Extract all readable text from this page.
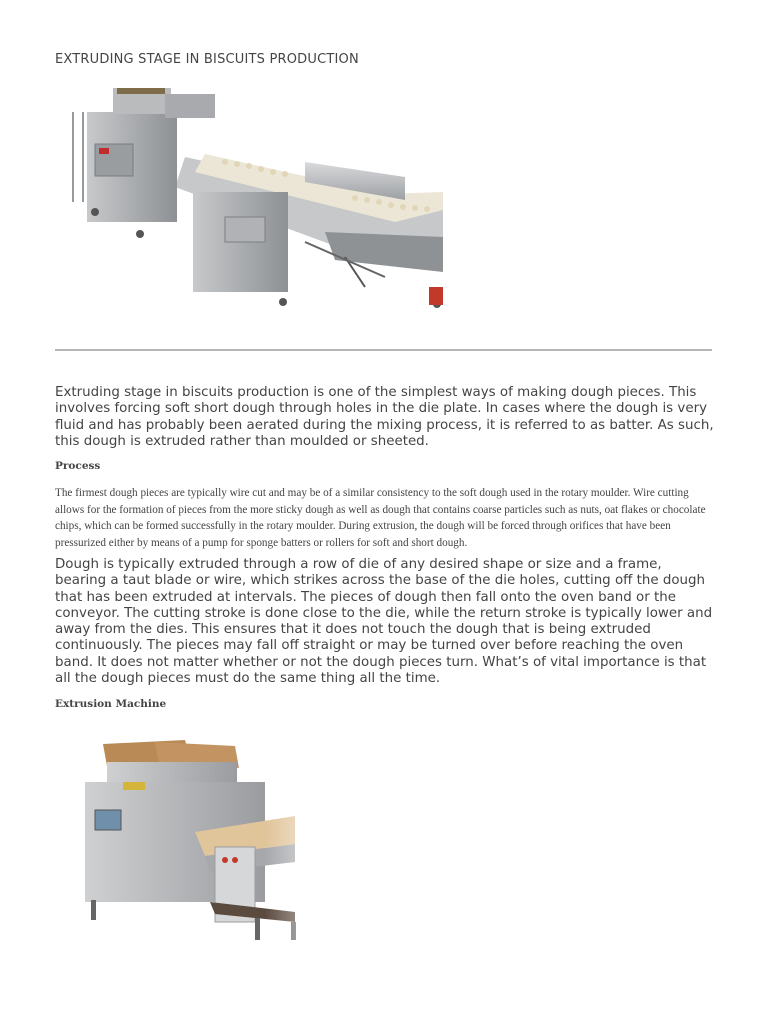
EXTRUDING STAGE IN BISCUITS PRODUCTION

Extruding stage in biscuits production is one of the simplest ways of making dough pieces. This involves forcing soft short dough through holes in the die plate. In cases where the dough is very fluid and has probably been aerated during the mixing process, it is referred to as batter. As such, this dough is extruded rather than moulded or sheeted.

Process

The firmest dough pieces are typically wire cut and may be of a similar consistency to the soft dough used in the rotary moulder. Wire cutting allows for the formation of pieces from the more sticky dough as well as dough that contains coarse particles such as nuts, oat flakes or chocolate chips, which can be formed successfully in the rotary moulder. During extrusion, the dough will be forced through orifices that have been pressurized either by means of a pump for sponge batters or rollers for soft and short dough.

Dough is typically extruded through a row of die of any desired shape or size and a frame, bearing a taut blade or wire, which strikes across the base of the die holes, cutting off the dough that has been extruded at intervals. The pieces of dough then fall onto the oven band or the conveyor. The cutting stroke is done close to the die, while the return stroke is typically lower and away from the dies. This ensures that it does not touch the dough that is being extruded continuously. The pieces may fall off straight or may be turned over before reaching the oven band. It does not matter whether or not the dough pieces turn. What’s of vital importance is that all the dough pieces must do the same thing all the time.

Extrusion Machine
